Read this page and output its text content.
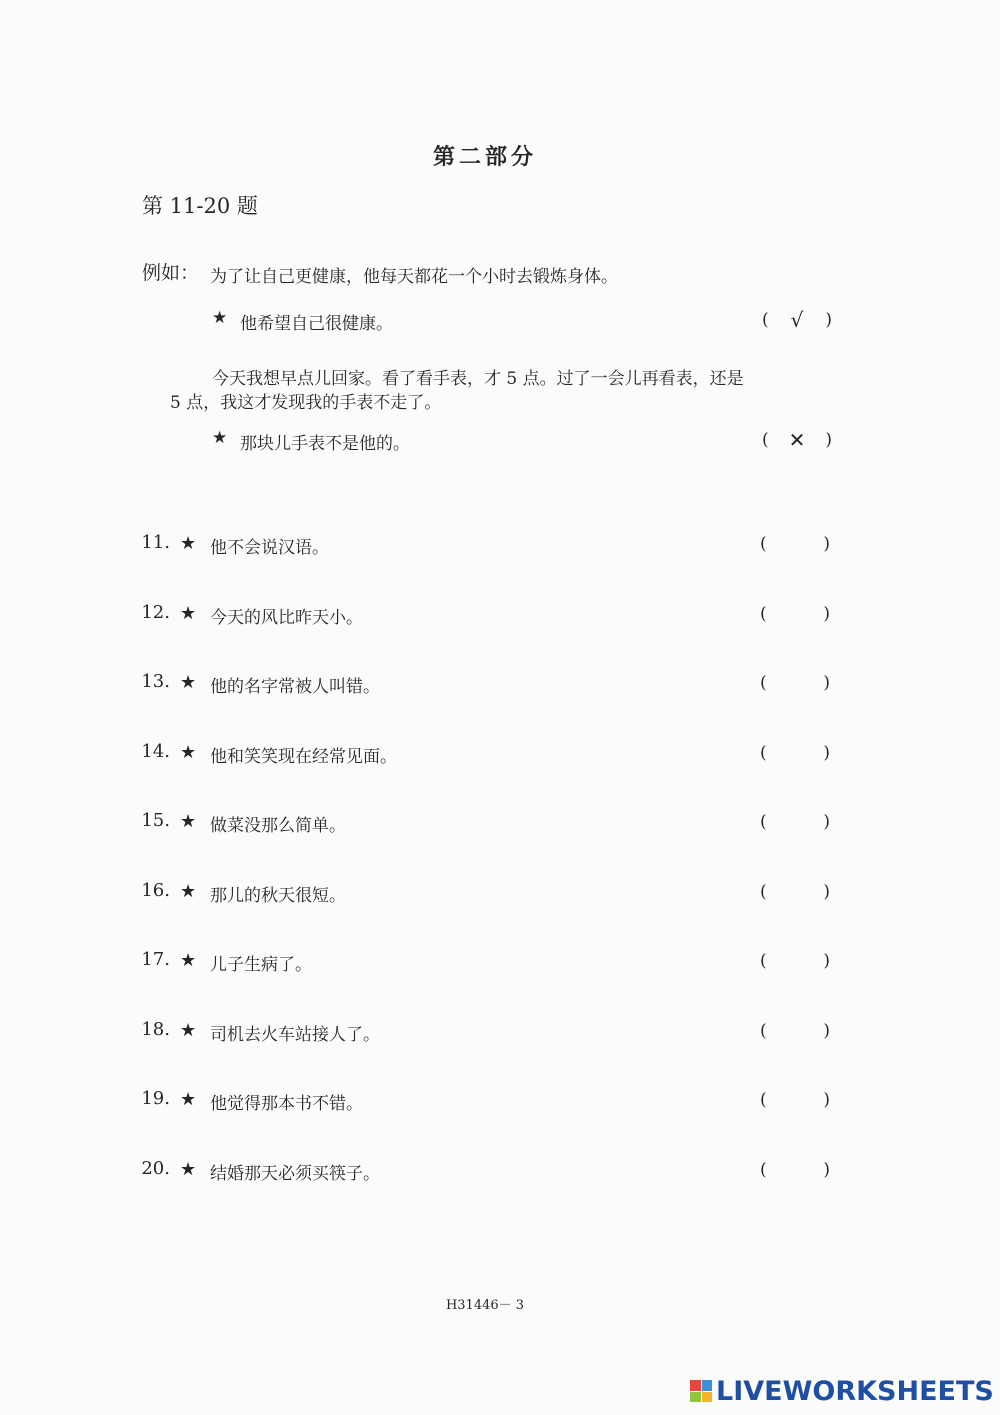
第二部分
第 11-20 题
例如： 为了让自己更健康，他每天都花一个小时去锻炼身体。
★ 他希望自己很健康。	( √ )
今天我想早点儿回家。看了看手表，才 5 点。过了一会儿再看表，还是
5 点，我这才发现我的手表不走了。
★ 那块儿手表不是他的。	( ✕ )
11. ★ 他不会说汉语。	(	)
12. ★ 今天的风比昨天小。	(	)
13. ★ 他的名字常被人叫错。	(	)
14. ★ 他和笑笑现在经常见面。	(	)
15. ★ 做菜没那么简单。	(	)
16. ★ 那儿的秋天很短。	(	)
17. ★ 儿子生病了。	(	)
18. ★ 司机去火车站接人了。	(	)
19. ★ 他觉得那本书不错。	(	)
20. ★ 结婚那天必须买筷子。	(	)
H31446－ 3
LIVEWORKSHEETS
